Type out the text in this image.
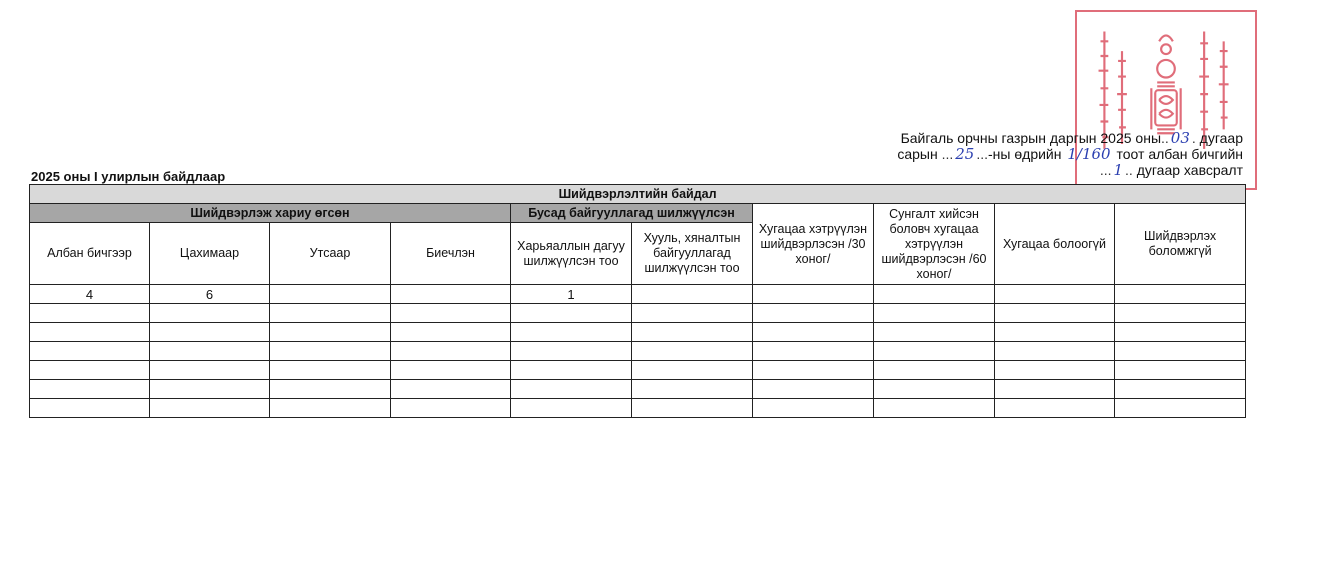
Байгаль орчны газрын даргын 2025 оны.. 03 . дугаар
сарын ... 25 ...-ны өдрийн 1/160 тоот албан бичгийн
... 1 .. дугаар хавсралт
2025 оны I улирлын байдлаар
Шийдвэрлэлтийн байдал									
Шийдвэрлэж хариу өгсөн				Бусад байгууллагад шилжүүлсэн		Хугацаа хэтрүүлэн шийдвэрлэсэн /30 хоног/	Сунгалт хийсэн боловч хугацаа хэтрүүлэн шийдвэрлэсэн /60 хоног/	Хугацаа болоогүй	Шийдвэрлэх боломжгүй
Албан бичгээр	Цахимаар	Утсаар	Биечлэн	Харьяаллын дагуу шилжүүлсэн тоо	Хууль, хяналтын байгууллагад шилжүүлсэн тоо				
4	6			1					
